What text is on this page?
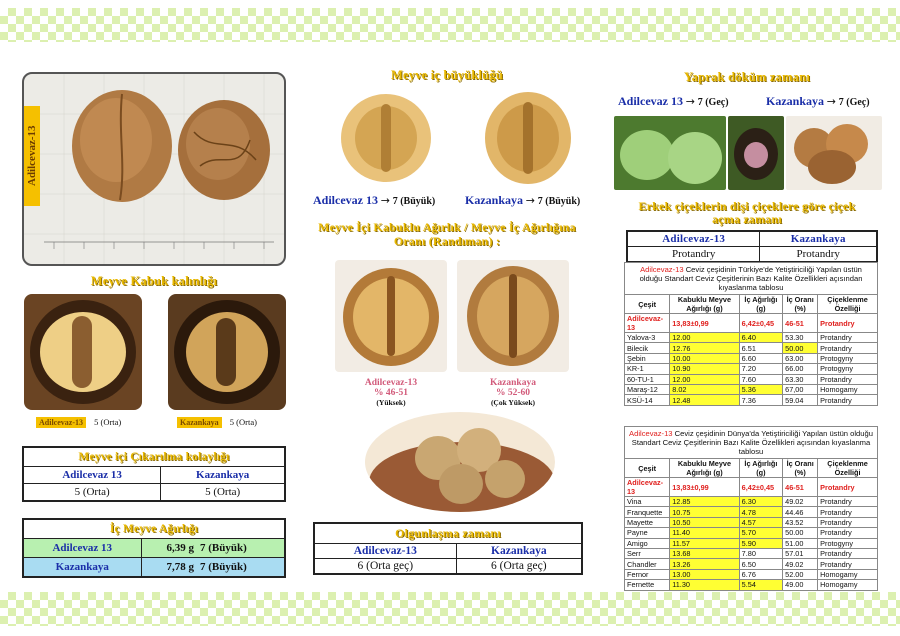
Adilcevaz-13
Meyve Kabuk kalınlığı
Adilcevaz-13 5 (Orta)	Kazankaya 5 (Orta)
Meyve içi Çıkarılma kolaylığı	
Adilcevaz 13	Kazankaya
5 (Orta)	5 (Orta)
İç Meyve Ağırlığı		
Adilcevaz 13	6,39 g	7 (Büyük)
Kazankaya	7,78 g	7 (Büyük)
Meyve iç büyüklüğü
Adilcevaz 13 → 7 (Büyük) Kazankaya → 7 (Büyük)
Meyve İçi Kabuklu Ağırlık / Meyve İç Ağırlığına Oranı (Randıman) :
Adilcevaz-13
% 46-51
(Yüksek)
Kazankaya
% 52-60
(Çok Yüksek)
Olgunlaşma zamanı	
Adilcevaz-13	Kazankaya
6 (Orta geç)	6 (Orta geç)
Yaprak döküm zamanı
Adilcevaz 13 → 7 (Geç)	Kazankaya → 7 (Geç)
Erkek çiçeklerin dişi çiçeklere göre çiçek
açma zamanı
Adilcevaz-13	Kazankaya
Protandry	Protandry
Adilcevaz-13 Ceviz çeşidinin Türkiye'de Yetiştiriciliği Yapılan üstün olduğu Standart Ceviz Çeşitlerinin Bazı Kalite Özellikleri açısından kıyaslanma tablosu
Çeşit	Kabuklu Meyve Ağırlığı (g)	İç Ağırlığı (g)	İç Oranı (%)	Çiçeklenme Özelliği
Adilcevaz-13	13,83±0,99	6,42±0,45	46-51	Protandry
Yalova-3	12.00	6.40	53.30	Protandry
Bilecik	12.76	6.51	50.00	Protandry
Şebin	10.00	6.60	63.00	Protogyny
KR-1	10.90	7.20	66.00	Protogyny
60-TU-1	12.00	7.60	63.30	Protandry
Maraş-12	8.02	5.36	67,00	Homogamy
KSÜ-14	12.48	7.36	59.04	Protandry
Adilcevaz-13 Ceviz çeşidinin Dünya'da Yetiştiriciliği Yapılan üstün olduğu Standart Ceviz Çeşitlerinin Bazı Kalite Özellikleri açısından kıyaslanma tablosu
Çeşit	Kabuklu Meyve Ağırlığı (g)	İç Ağırlığı (g)	İç Oranı (%)	Çiçeklenme Özelliği
Adilcevaz-13	13,83±0,99	6,42±0,45	46-51	Protandry
Vina	12.85	6.30	49.02	Protandry
Franquette	10.75	4.78	44.46	Protandry
Mayette	10.50	4.57	43.52	Protandry
Payne	11.40	5.70	50.00	Protandry
Amigo	11.57	5.90	51.00	Protogyny
Serr	13.68	7.80	57.01	Protandry
Chandler	13.26	6.50	49.02	Protandry
Fernor	13.00	6.76	52.00	Homogamy
Fernette	11.30	5.54	49.00	Homogamy
